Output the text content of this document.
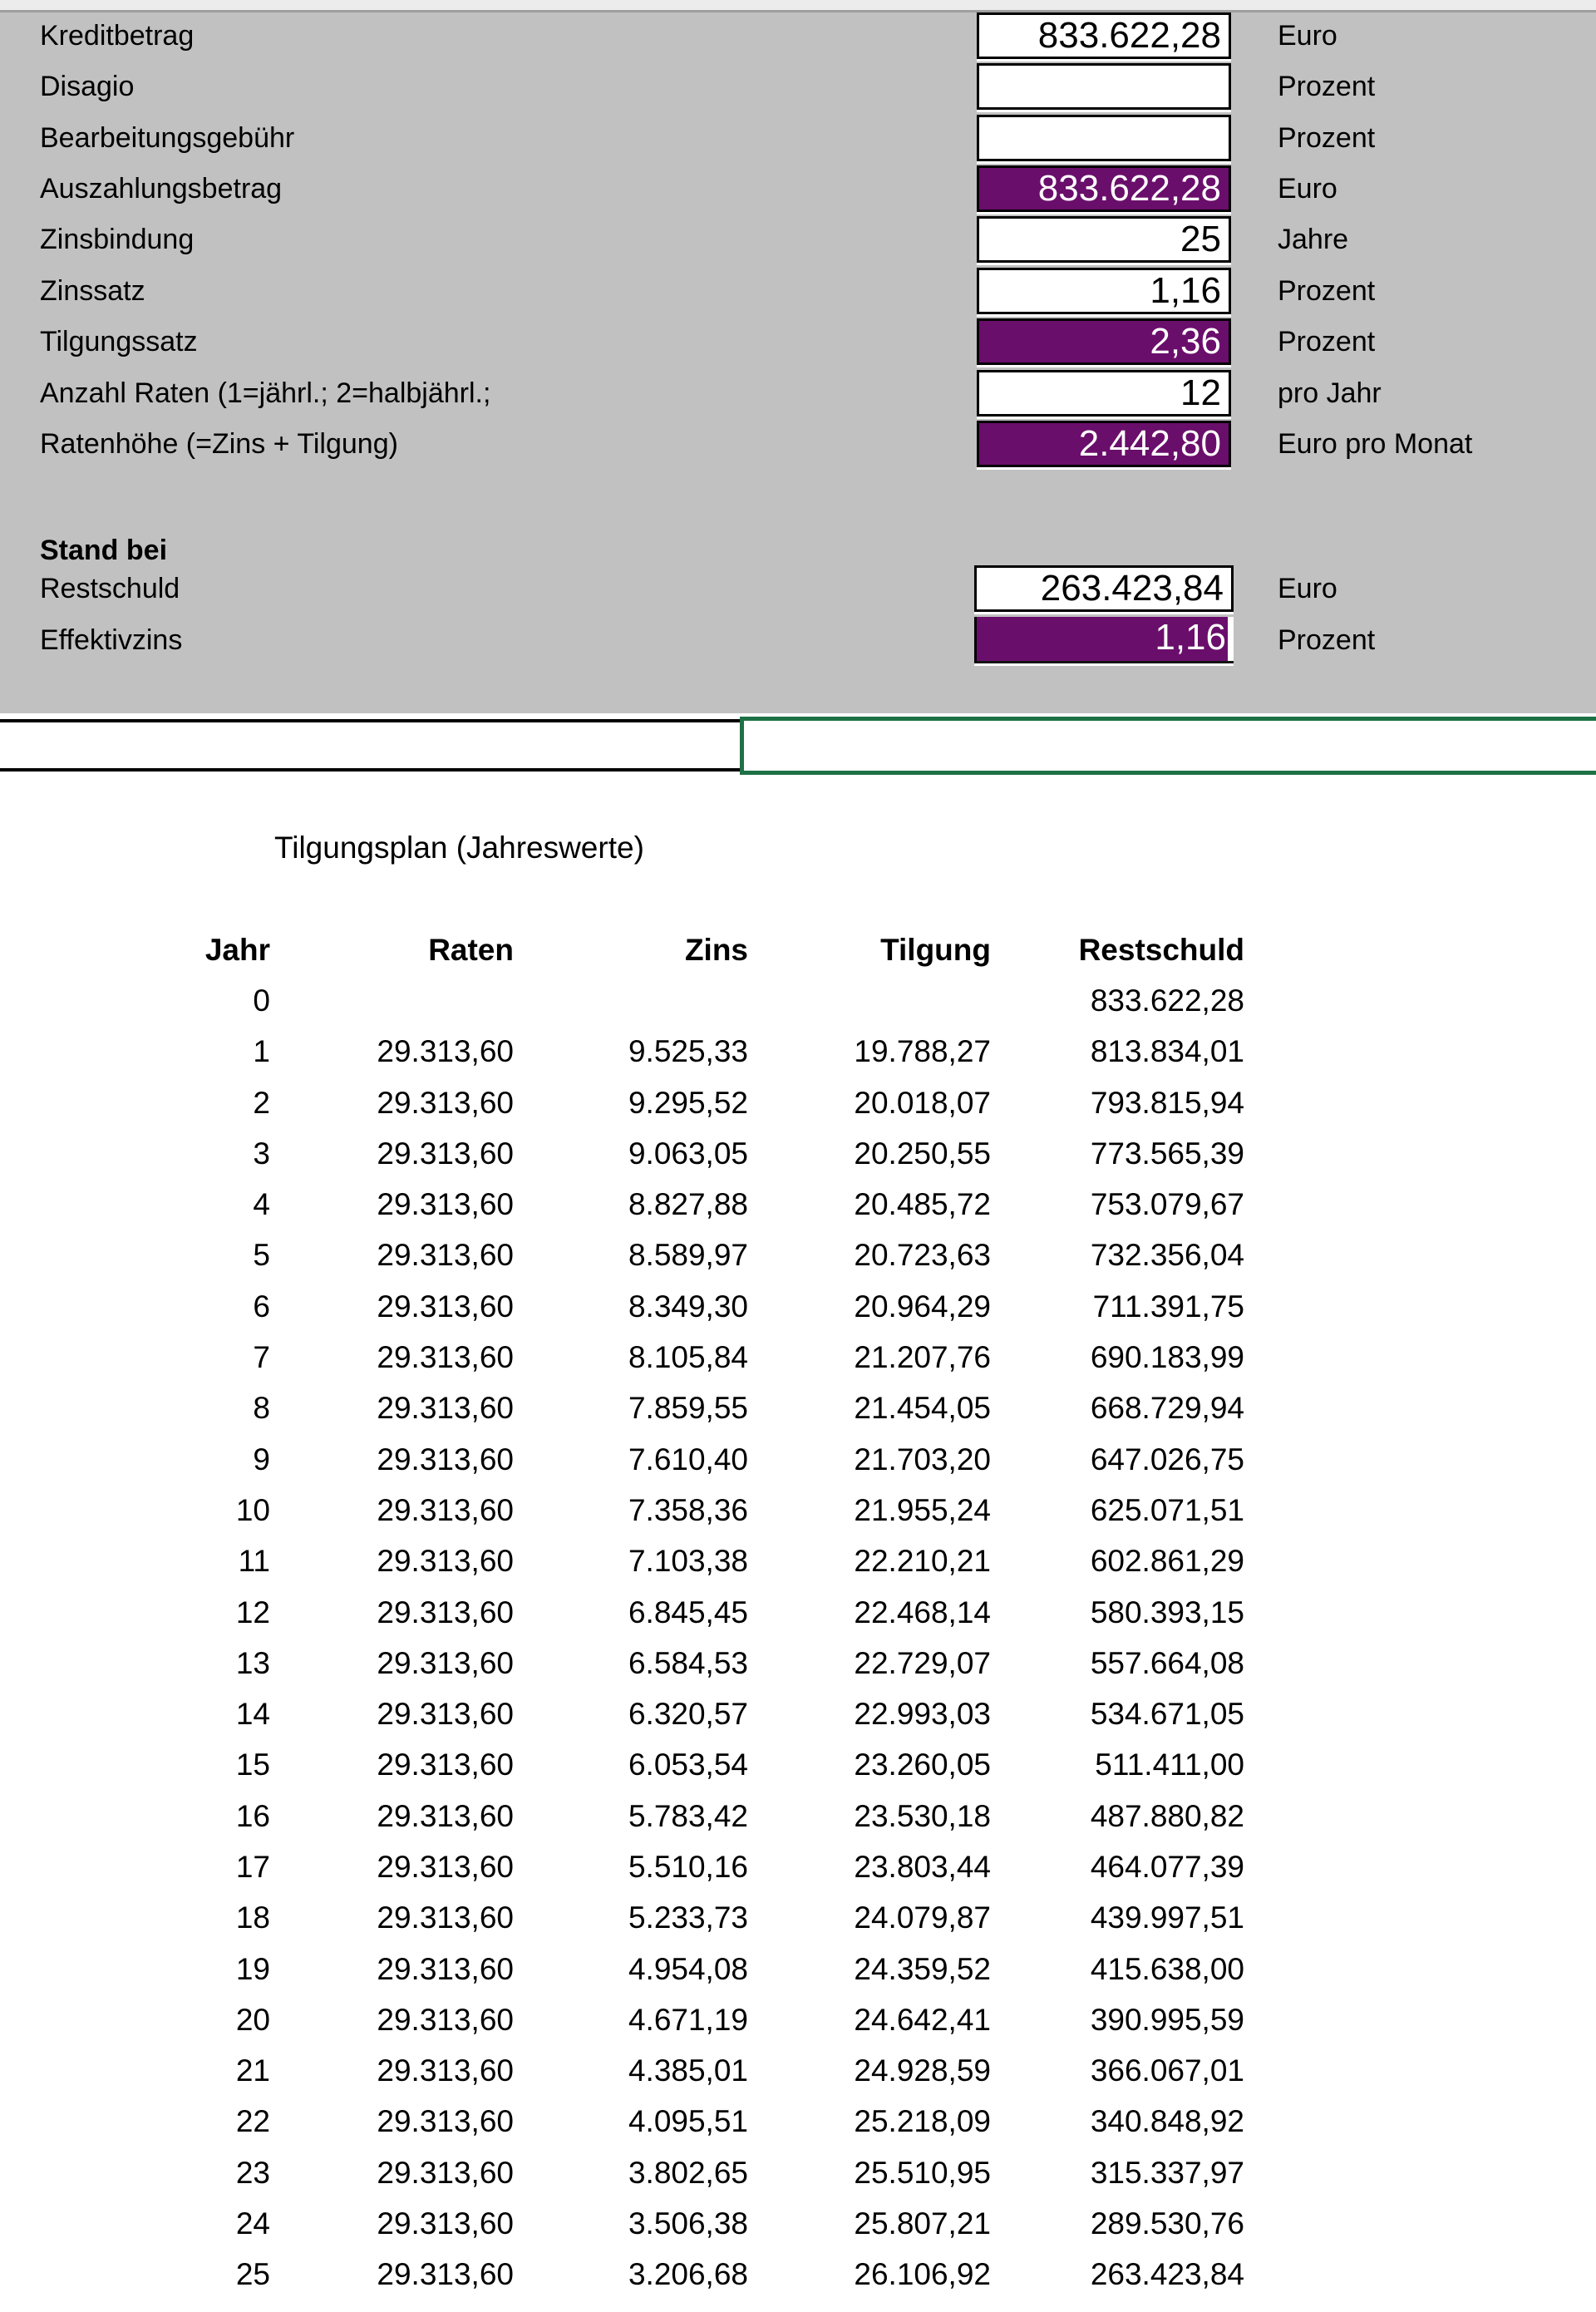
Kreditbetrag	833.622,28 Euro
Disagio	Prozent
Bearbeitungsgebühr	Prozent
Auszahlungsbetrag	833.622,28 Euro
Zinsbindung	25 Jahre
Zinssatz	1,16 Prozent
Tilgungssatz	2,36 Prozent
Anzahl Raten (1=jährl.; 2=halbjährl.;	12 pro Jahr
Ratenhöhe (=Zins + Tilgung)	2.442,80 Euro pro Monat
Stand bei
Restschuld	263.423,84 Euro
Effektivzins	1,16 Prozent
Tilgungsplan (Jahreswerte)
Jahr	Raten	Zins	Tilgung	Restschuld
0				833.622,28
1	29.313,60	9.525,33	19.788,27	813.834,01
2	29.313,60	9.295,52	20.018,07	793.815,94
3	29.313,60	9.063,05	20.250,55	773.565,39
4	29.313,60	8.827,88	20.485,72	753.079,67
5	29.313,60	8.589,97	20.723,63	732.356,04
6	29.313,60	8.349,30	20.964,29	711.391,75
7	29.313,60	8.105,84	21.207,76	690.183,99
8	29.313,60	7.859,55	21.454,05	668.729,94
9	29.313,60	7.610,40	21.703,20	647.026,75
10	29.313,60	7.358,36	21.955,24	625.071,51
11	29.313,60	7.103,38	22.210,21	602.861,29
12	29.313,60	6.845,45	22.468,14	580.393,15
13	29.313,60	6.584,53	22.729,07	557.664,08
14	29.313,60	6.320,57	22.993,03	534.671,05
15	29.313,60	6.053,54	23.260,05	511.411,00
16	29.313,60	5.783,42	23.530,18	487.880,82
17	29.313,60	5.510,16	23.803,44	464.077,39
18	29.313,60	5.233,73	24.079,87	439.997,51
19	29.313,60	4.954,08	24.359,52	415.638,00
20	29.313,60	4.671,19	24.642,41	390.995,59
21	29.313,60	4.385,01	24.928,59	366.067,01
22	29.313,60	4.095,51	25.218,09	340.848,92
23	29.313,60	3.802,65	25.510,95	315.337,97
24	29.313,60	3.506,38	25.807,21	289.530,76
25	29.313,60	3.206,68	26.106,92	263.423,84
